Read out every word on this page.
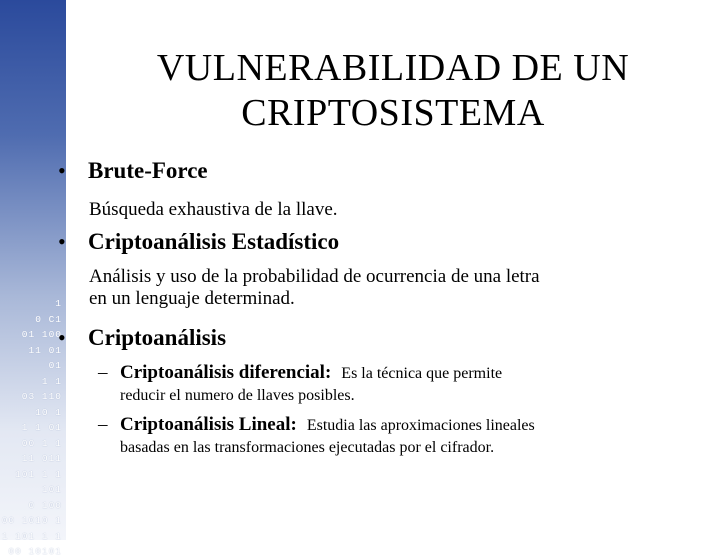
1
0 C1
01 100
11 01
01
1 1
03 110
10 1
1 1 01
00 1 1
11 011
101 1 1
101
0 100
00 1010 1
1 101 1 1
00 10101
VULNERABILIDAD DE UN
CRIPTOSISTEMA
• Brute-Force
Búsqueda exhaustiva de la llave.
• Criptoanálisis Estadístico
Análisis y uso de la probabilidad de ocurrencia de una letra
en un lenguaje determinad.
• Criptoanálisis
– Criptoanálisis diferencial: Es la técnica que permite
reducir el numero de llaves posibles.
– Criptoanálisis Lineal: Estudia las aproximaciones lineales
basadas en las transformaciones ejecutadas por el cifrador.
